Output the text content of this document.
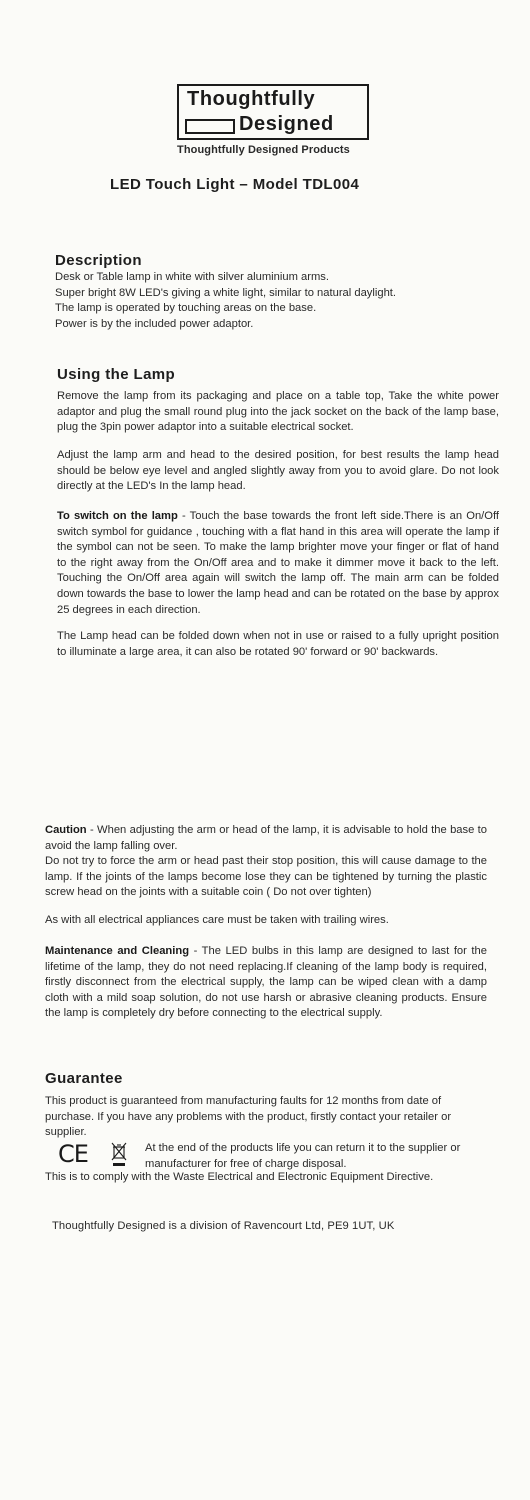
Thoughtfully
Designed
Thoughtfully Designed Products
LED Touch Light – Model TDL004
Description
Desk or Table lamp in white with silver aluminium arms.
Super bright 8W LED's giving a white light, similar to natural daylight.
The lamp is operated by touching areas on the base.
Power is by the included power adaptor.
Using the Lamp
Remove the lamp from its packaging and place on a table top, Take the white power adaptor and plug the small round plug into the jack socket on the back of the lamp base, plug the 3pin power adaptor into a suitable electrical socket.
Adjust the lamp arm and head to the desired position, for best results the lamp head should be below eye level and angled slightly away from you to avoid glare. Do not look directly at the LED's In the lamp head.
To switch on the lamp - Touch the base towards the front left side.There is an On/Off switch symbol for guidance , touching with a flat hand in this area will operate the lamp if the symbol can not be seen. To make the lamp brighter move your finger or flat of hand to the right away from the On/Off area and to make it dimmer move it back to the left. Touching the On/Off area again will switch the lamp off. The main arm can be folded down towards the base to lower the lamp head and can be rotated on the base by approx 25 degrees in each direction.
The Lamp head can be folded down when not in use or raised to a fully upright position to illuminate a large area, it can also be rotated 90' forward or 90' backwards.
Caution - When adjusting the arm or head of the lamp, it is advisable to hold the base to avoid the lamp falling over.
Do not try to force the arm or head past their stop position, this will cause damage to the lamp. If the joints of the lamps become lose they can be tightened by turning the plastic screw head on the joints with a suitable coin ( Do not over tighten)
As with all electrical appliances care must be taken with trailing wires.
Maintenance and Cleaning - The LED bulbs in this lamp are designed to last for the lifetime of the lamp, they do not need replacing.If cleaning of the lamp body is required, firstly disconnect from the electrical supply, the lamp can be wiped clean with a damp cloth with a mild soap solution, do not use harsh or abrasive cleaning products. Ensure the lamp is completely dry before connecting to the electrical supply.
Guarantee
This product is guaranteed from manufacturing faults for 12 months from date of purchase. If you have any problems with the product, firstly contact your retailer or supplier.
CE	At the end of the products life you can return it to the supplier or manufacturer for free of charge disposal.
This is to comply with the Waste Electrical and Electronic Equipment Directive.
Thoughtfully Designed is a division of Ravencourt Ltd, PE9 1UT, UK
